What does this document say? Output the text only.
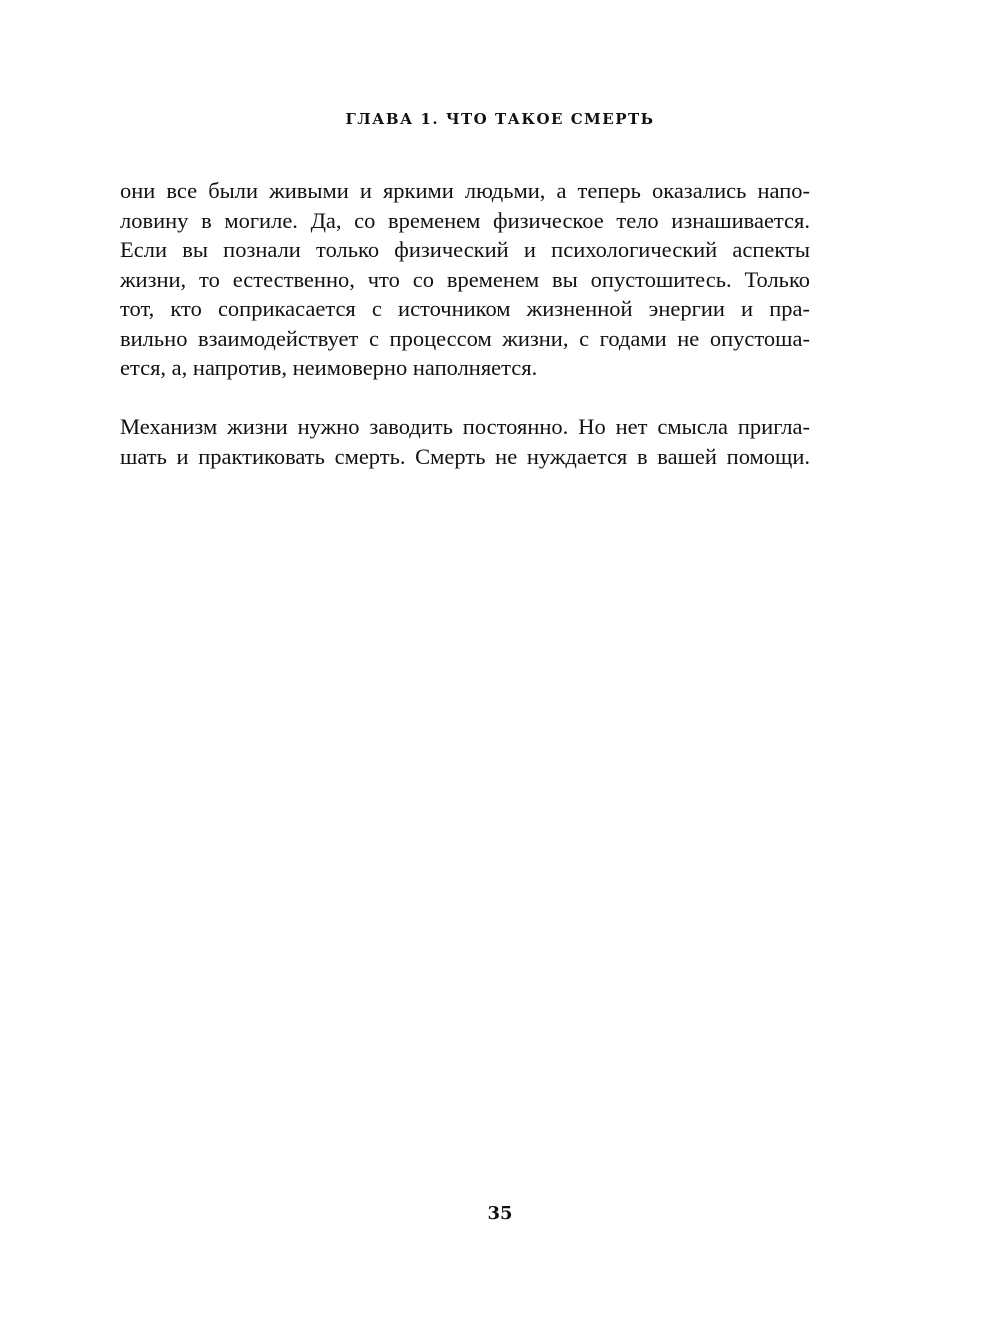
ГЛАВА 1. ЧТО ТАКОЕ СМЕРТЬ

они все были живыми и яркими людьми, а теперь оказались напо-
ловину в могиле. Да, со временем физическое тело изнашивается.
Если вы познали только физический и психологический аспекты
жизни, то естественно, что со временем вы опустошитесь. Только
тот, кто соприкасается с источником жизненной энергии и пра-
вильно взаимодействует с процессом жизни, с годами не опустоша-
ется, а, напротив, неимоверно наполняется.

Механизм жизни нужно заводить постоянно. Но нет смысла пригла-
шать и практиковать смерть. Смерть не нуждается в вашей помощи.

35
